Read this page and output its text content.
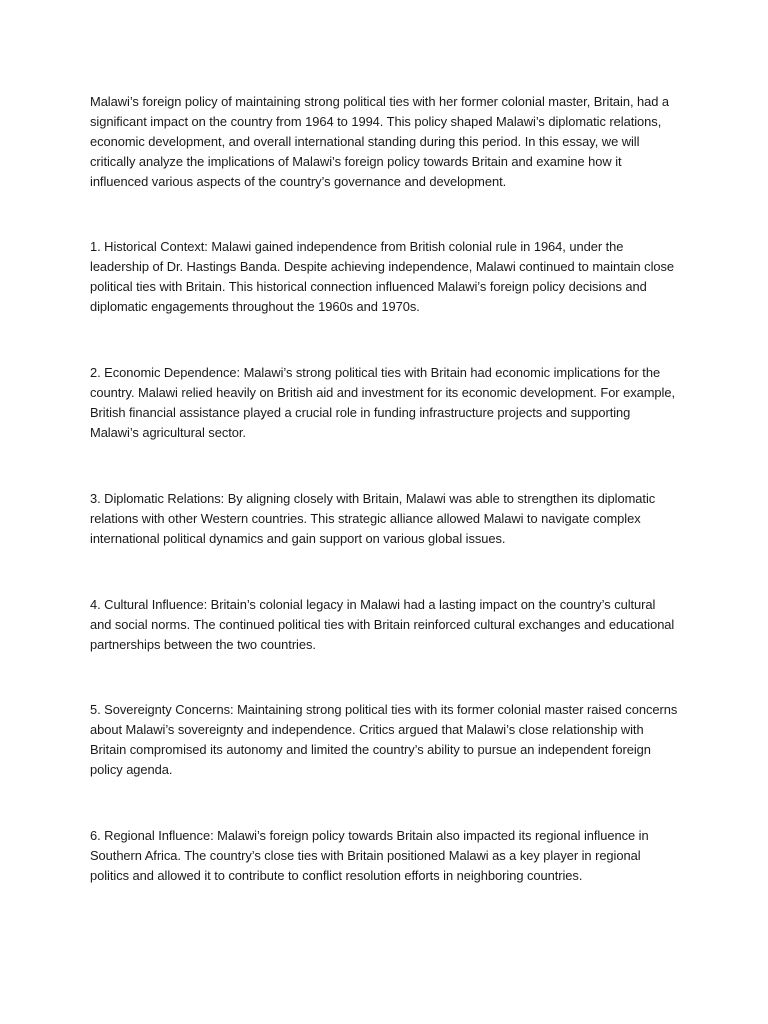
Malawi’s foreign policy of maintaining strong political ties with her former colonial master, Britain, had a significant impact on the country from 1964 to 1994. This policy shaped Malawi’s diplomatic relations, economic development, and overall international standing during this period. In this essay, we will critically analyze the implications of Malawi’s foreign policy towards Britain and examine how it influenced various aspects of the country’s governance and development.

1. Historical Context: Malawi gained independence from British colonial rule in 1964, under the leadership of Dr. Hastings Banda. Despite achieving independence, Malawi continued to maintain close political ties with Britain. This historical connection influenced Malawi’s foreign policy decisions and diplomatic engagements throughout the 1960s and 1970s.

2. Economic Dependence: Malawi’s strong political ties with Britain had economic implications for the country. Malawi relied heavily on British aid and investment for its economic development. For example, British financial assistance played a crucial role in funding infrastructure projects and supporting Malawi’s agricultural sector.

3. Diplomatic Relations: By aligning closely with Britain, Malawi was able to strengthen its diplomatic relations with other Western countries. This strategic alliance allowed Malawi to navigate complex international political dynamics and gain support on various global issues.

4. Cultural Influence: Britain’s colonial legacy in Malawi had a lasting impact on the country’s cultural and social norms. The continued political ties with Britain reinforced cultural exchanges and educational partnerships between the two countries.

5. Sovereignty Concerns: Maintaining strong political ties with its former colonial master raised concerns about Malawi’s sovereignty and independence. Critics argued that Malawi’s close relationship with Britain compromised its autonomy and limited the country’s ability to pursue an independent foreign policy agenda.

6. Regional Influence: Malawi’s foreign policy towards Britain also impacted its regional influence in Southern Africa. The country’s close ties with Britain positioned Malawi as a key player in regional politics and allowed it to contribute to conflict resolution efforts in neighboring countries.
